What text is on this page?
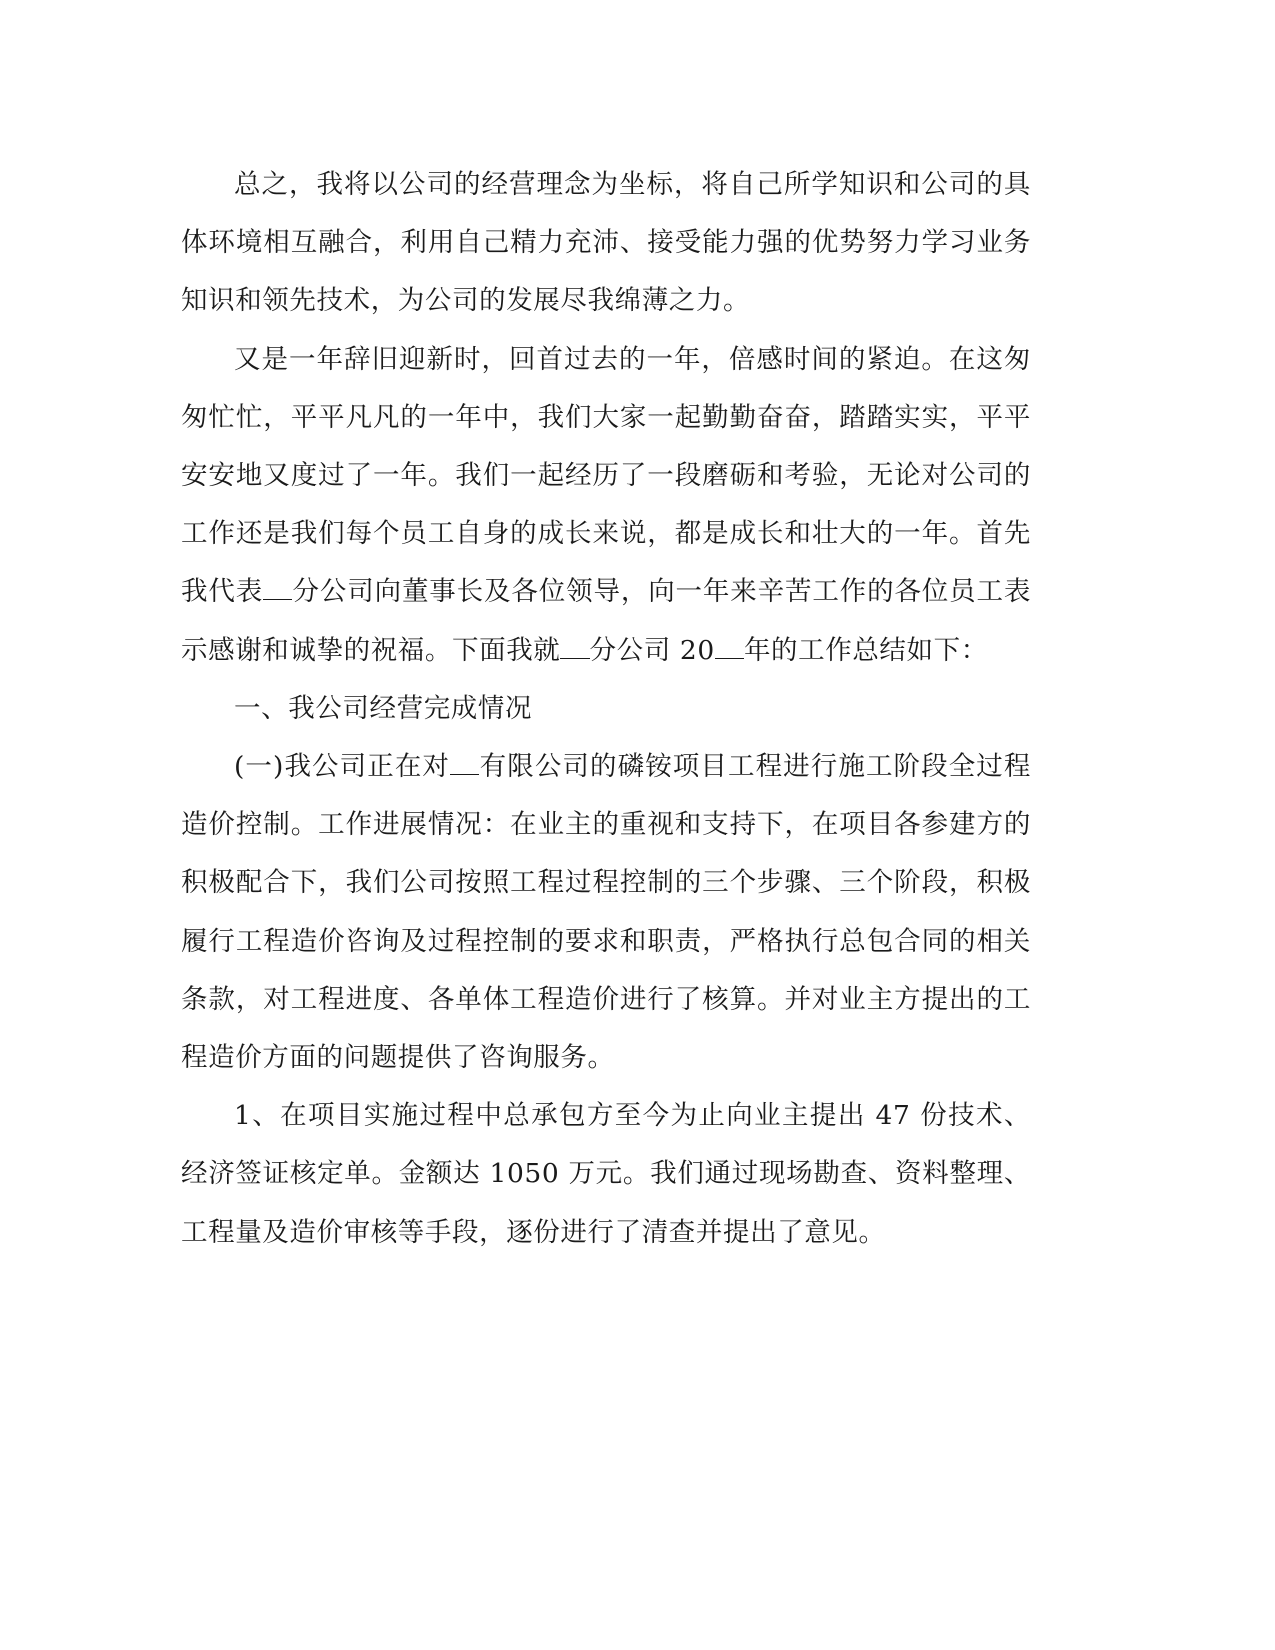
总之，我将以公司的经营理念为坐标，将自己所学知识和公司的具体环境相互融合，利用自己精力充沛、接受能力强的优势努力学习业务知识和领先技术，为公司的发展尽我绵薄之力。

又是一年辞旧迎新时，回首过去的一年，倍感时间的紧迫。在这匆匆忙忙，平平凡凡的一年中，我们大家一起勤勤奋奋，踏踏实实，平平安安地又度过了一年。我们一起经历了一段磨砺和考验，无论对公司的工作还是我们每个员工自身的成长来说，都是成长和壮大的一年。首先我代表 分公司向董事长及各位领导，向一年来辛苦工作的各位员工表示感谢和诚挚的祝福。下面我就 分公司 20 年的工作总结如下：

一、我公司经营完成情况

(一)我公司正在对 有限公司的磷铵项目工程进行施工阶段全过程造价控制。工作进展情况：在业主的重视和支持下，在项目各参建方的积极配合下，我们公司按照工程过程控制的三个步骤、三个阶段，积极履行工程造价咨询及过程控制的要求和职责，严格执行总包合同的相关条款，对工程进度、各单体工程造价进行了核算。并对业主方提出的工程造价方面的问题提供了咨询服务。

1、在项目实施过程中总承包方至今为止向业主提出 47 份技术、经济签证核定单。金额达 1050 万元。我们通过现场勘查、资料整理、工程量及造价审核等手段，逐份进行了清查并提出了意见。
